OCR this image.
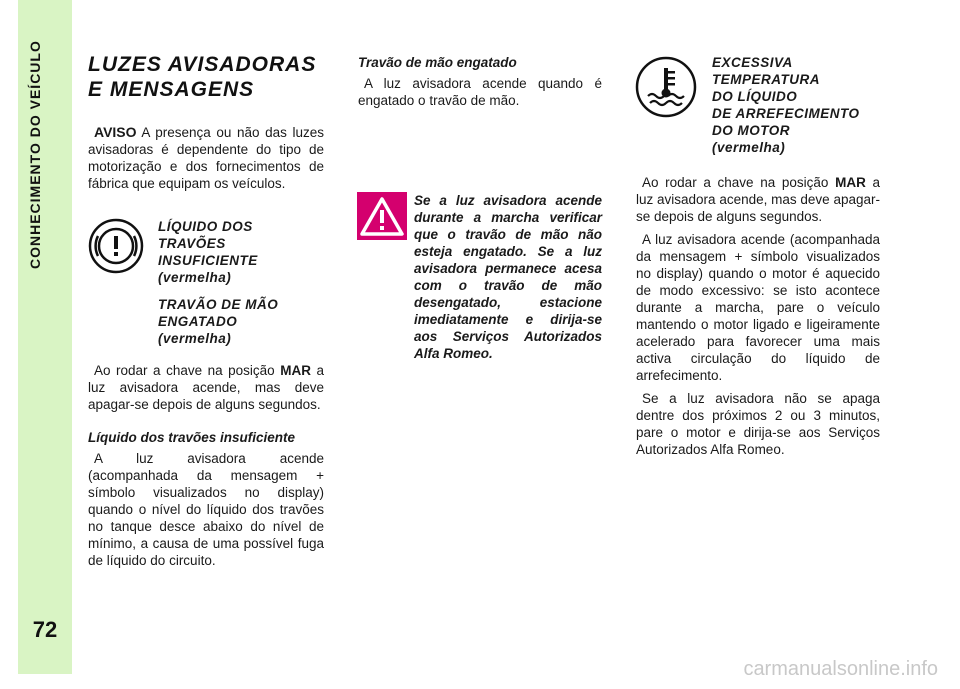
CONHECIMENTO DO VEÍCULO
72
LUZES AVISADORAS
E MENSAGENS

AVISO A presença ou não das luzes avisadoras é dependente do tipo de motorização e dos fornecimentos de fábrica que equipam os veículos.

LÍQUIDO DOS

TRAVÕES

INSUFICIENTE

(vermelha)

TRAVÃO DE MÃO

ENGATADO

(vermelha)

Ao rodar a chave na posição MAR a luz avisadora acende, mas deve apagar-se depois de alguns segundos.

Líquido dos travões insuficiente

A luz avisadora acende (acompanhada da mensagem + símbolo visualizados no display) quando o nível do líquido dos travões no tanque desce abaixo do nível de mínimo, a causa de uma possível fuga de líquido do circuito.

Travão de mão engatado

A luz avisadora acende quando é engatado o travão de mão.

Se a luz avisadora acende durante a marcha verificar que o travão de mão não esteja engatado. Se a luz avisadora permanece acesa com o travão de mão desengatado, estacione imediatamente e dirija-se aos Serviços Autorizados Alfa Romeo.

EXCESSIVA

TEMPERATURA

DO LÍQUIDO

DE ARREFECIMENTO

DO MOTOR

(vermelha)

Ao rodar a chave na posição MAR a luz avisadora acende, mas deve apagar-se depois de alguns segundos.

A luz avisadora acende (acompanhada da mensagem + símbolo visualizados no display) quando o motor é aquecido de modo excessivo: se isto acontece durante a marcha, pare o veículo mantendo o motor ligado e ligeiramente acelerado para favorecer uma mais activa circulação do líquido de arrefecimento.

Se a luz avisadora não se apaga dentre dos próximos 2 ou 3 minutos, pare o motor e dirija-se aos Serviços Autorizados Alfa Romeo.

carmanualsonline.info
